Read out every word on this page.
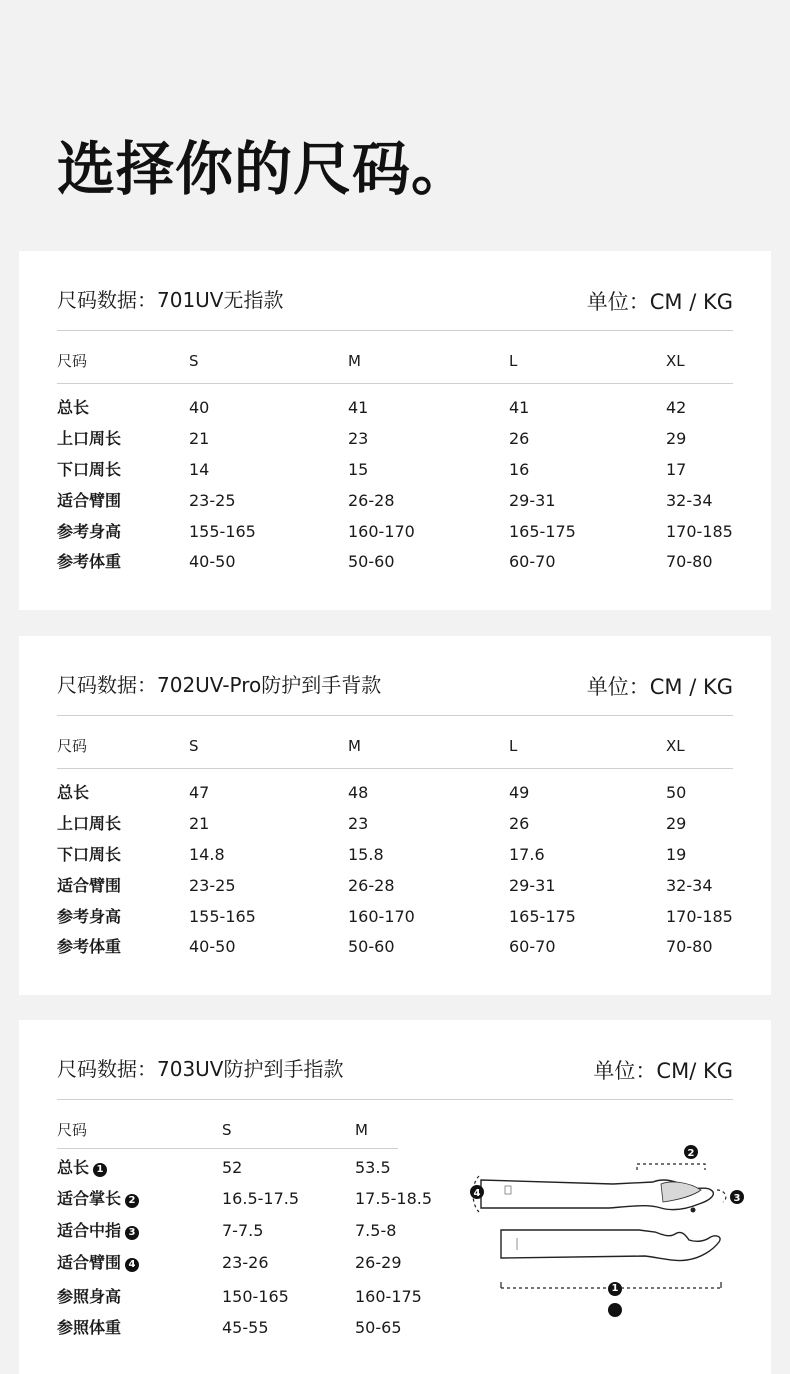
选择你的尺码。
尺码数据：701UV无指款	单位：CM / KG
尺码	S	M	L	XL
总长	40	41	41	42
上口周长	21	23	26	29
下口周长	14	15	16	17
适合臂围	23-25	26-28	29-31	32-34
参考身高	155-165	160-170	165-175	170-185
参考体重	40-50	50-60	60-70	70-80
尺码数据：702UV-Pro防护到手背款	单位：CM / KG
尺码	S	M	L	XL
总长	47	48	49	50
上口周长	21	23	26	29
下口周长	14.8	15.8	17.6	19
适合臂围	23-25	26-28	29-31	32-34
参考身高	155-165	160-170	165-175	170-185
参考体重	40-50	50-60	60-70	70-80
尺码数据：703UV防护到手指款	单位：CM/ KG
尺码	S	M
总长 1	52	53.5
适合掌长 2	16.5-17.5	17.5-18.5
适合中指 3	7-7.5	7.5-8
适合臂围 4	23-26	26-29
参照身高	150-165	160-175
参照体重	45-55	50-65
2
4	3
1
